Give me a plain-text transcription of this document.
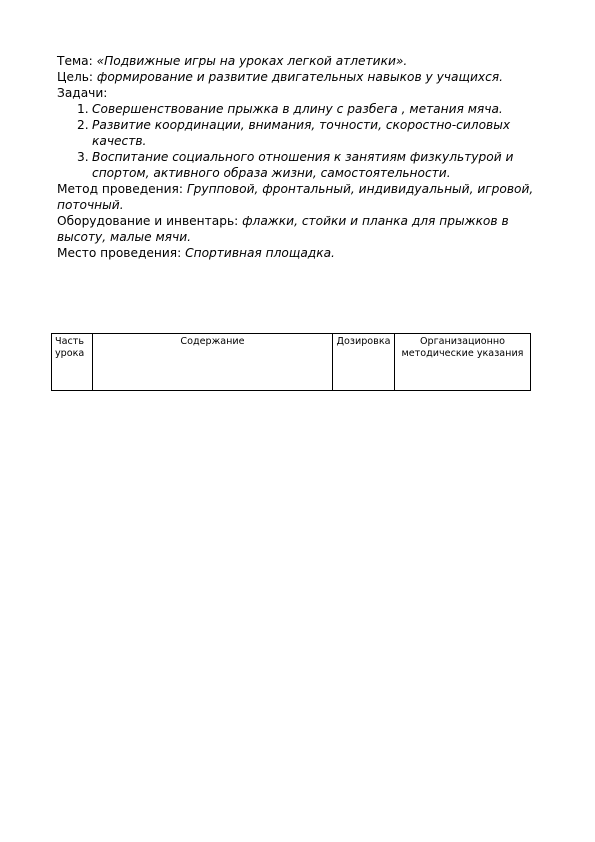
Тема: «Подвижные игры на уроках легкой атлетики».

Цель: формирование и развитие двигательных навыков у учащихся.

Задачи:

1. Совершенствование прыжка в длину с разбега , метания мяча.
2. Развитие координации, внимания, точности, скоростно-силовых качеств.
3. Воспитание социального отношения к занятиям физкультурой и спортом, активного образа жизни, самостоятельности.

Метод проведения: Групповой, фронтальный, индивидуальный, игровой, поточный.

Оборудование и инвентарь: флажки, стойки и планка для прыжков в высоту, малые мячи.

Место проведения: Спортивная площадка.

Часть урока	Содержание	Дозировка	Организационно методические указания
